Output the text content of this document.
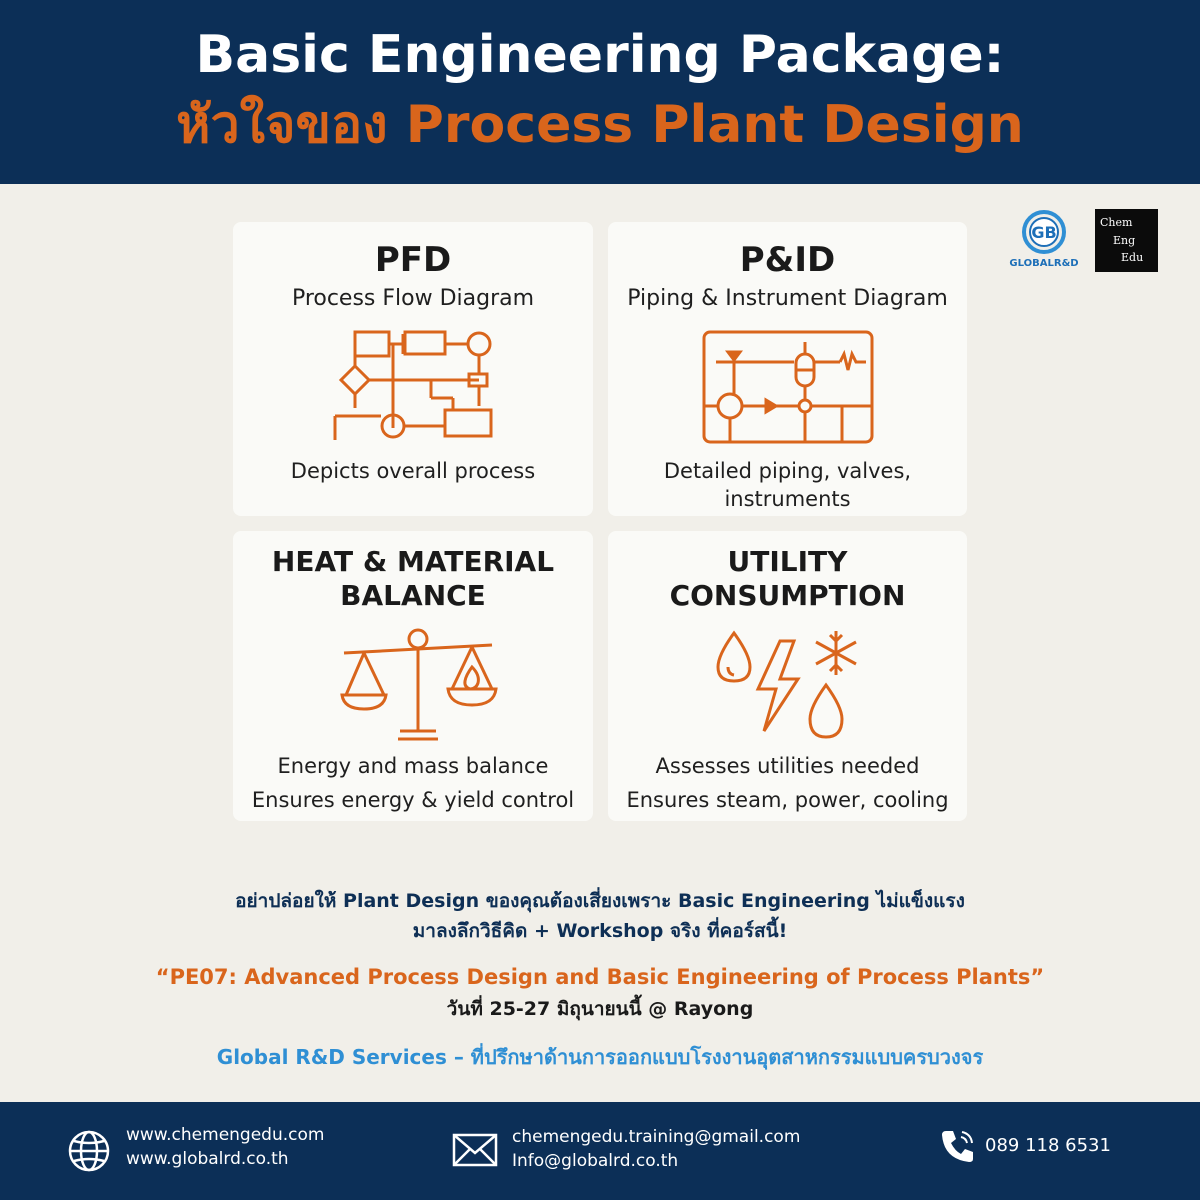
Basic Engineering Package:
หัวใจของ Process Plant Design
GB
GLOBALR&D
Chem
Eng
Edu
PFD
Process Flow Diagram
Depicts overall process
P&ID
Piping & Instrument Diagram
Detailed piping, valves,
instruments
HEAT & MATERIAL
BALANCE
Energy and mass balance
Ensures energy & yield control
UTILITY
CONSUMPTION
Assesses utilities needed
Ensures steam, power, cooling
อย่าปล่อยให้ Plant Design ของคุณต้องเสี่ยงเพราะ Basic Engineering ไม่แข็งแรง
มาลงลึกวิธีคิด + Workshop จริง ที่คอร์สนี้!
“PE07: Advanced Process Design and Basic Engineering of Process Plants”
วันที่ 25-27 มิถุนายนนี้ @ Rayong
Global R&D Services – ที่ปรึกษาด้านการออกแบบโรงงานอุตสาหกรรมแบบครบวงจร
www.chemengedu.com
www.globalrd.co.th
chemengedu.training@gmail.com
Info@globalrd.co.th
089 118 6531
